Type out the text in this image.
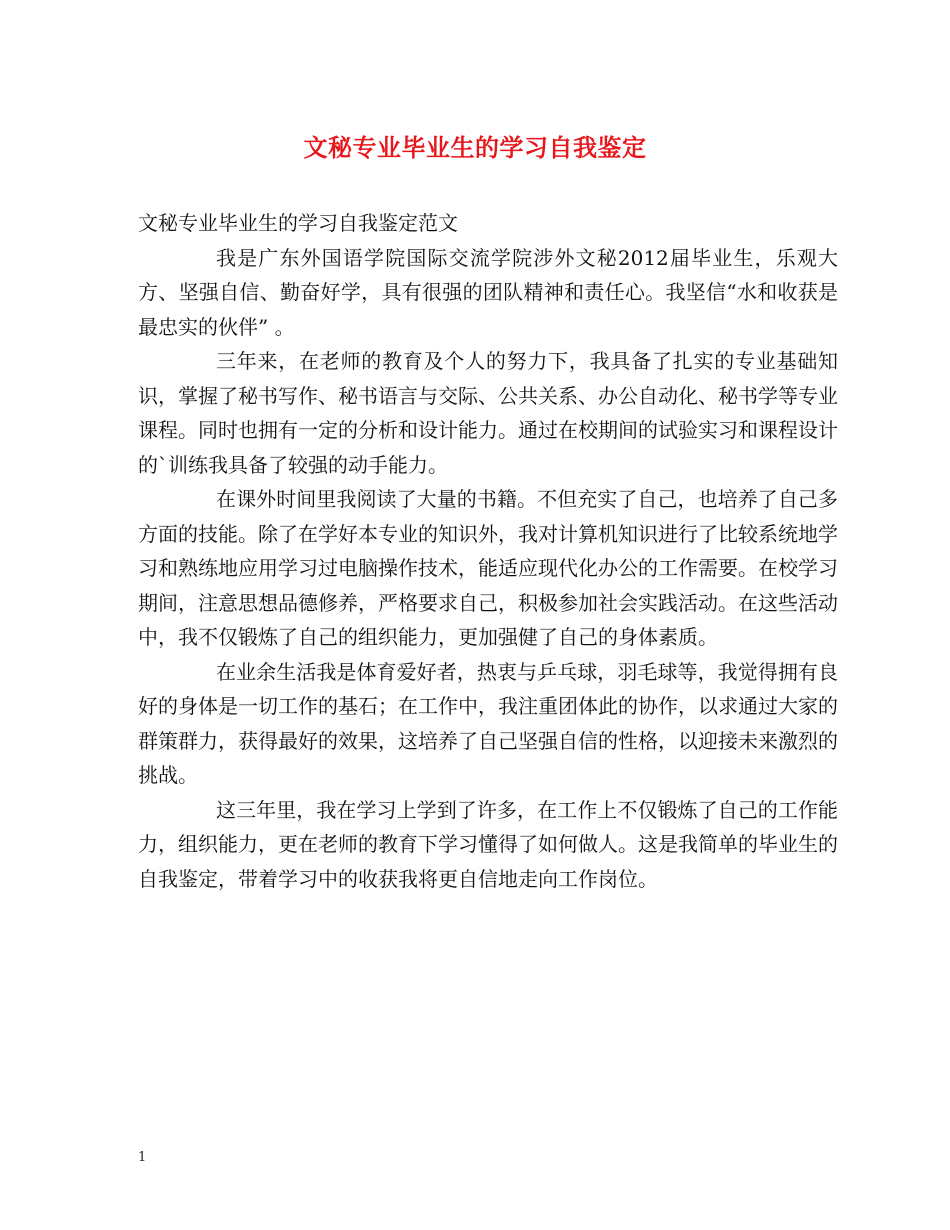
文秘专业毕业生的学习自我鉴定

文秘专业毕业生的学习自我鉴定范文

我是广东外国语学院国际交流学院涉外文秘2012届毕业生，乐观大方、坚强自信、勤奋好学，具有很强的团队精神和责任心。我坚信“水和收获是最忠实的伙伴” 。

三年来，在老师的教育及个人的努力下，我具备了扎实的专业基础知识，掌握了秘书写作、秘书语言与交际、公共关系、办公自动化、秘书学等专业课程。同时也拥有一定的分析和设计能力。通过在校期间的试验实习和课程设计的`训练我具备了较强的动手能力。

在课外时间里我阅读了大量的书籍。不但充实了自己，也培养了自己多方面的技能。除了在学好本专业的知识外，我对计算机知识进行了比较系统地学习和熟练地应用学习过电脑操作技术，能适应现代化办公的工作需要。在校学习期间，注意思想品德修养，严格要求自己，积极参加社会实践活动。在这些活动中，我不仅锻炼了自己的组织能力，更加强健了自己的身体素质。

在业余生活我是体育爱好者，热衷与乒乓球，羽毛球等，我觉得拥有良好的身体是一切工作的基石；在工作中，我注重团体此的协作，以求通过大家的群策群力，获得最好的效果，这培养了自己坚强自信的性格，以迎接未来激烈的挑战。

这三年里，我在学习上学到了许多，在工作上不仅锻炼了自己的工作能力，组织能力，更在老师的教育下学习懂得了如何做人。这是我简单的毕业生的自我鉴定，带着学习中的收获我将更自信地走向工作岗位。

1
